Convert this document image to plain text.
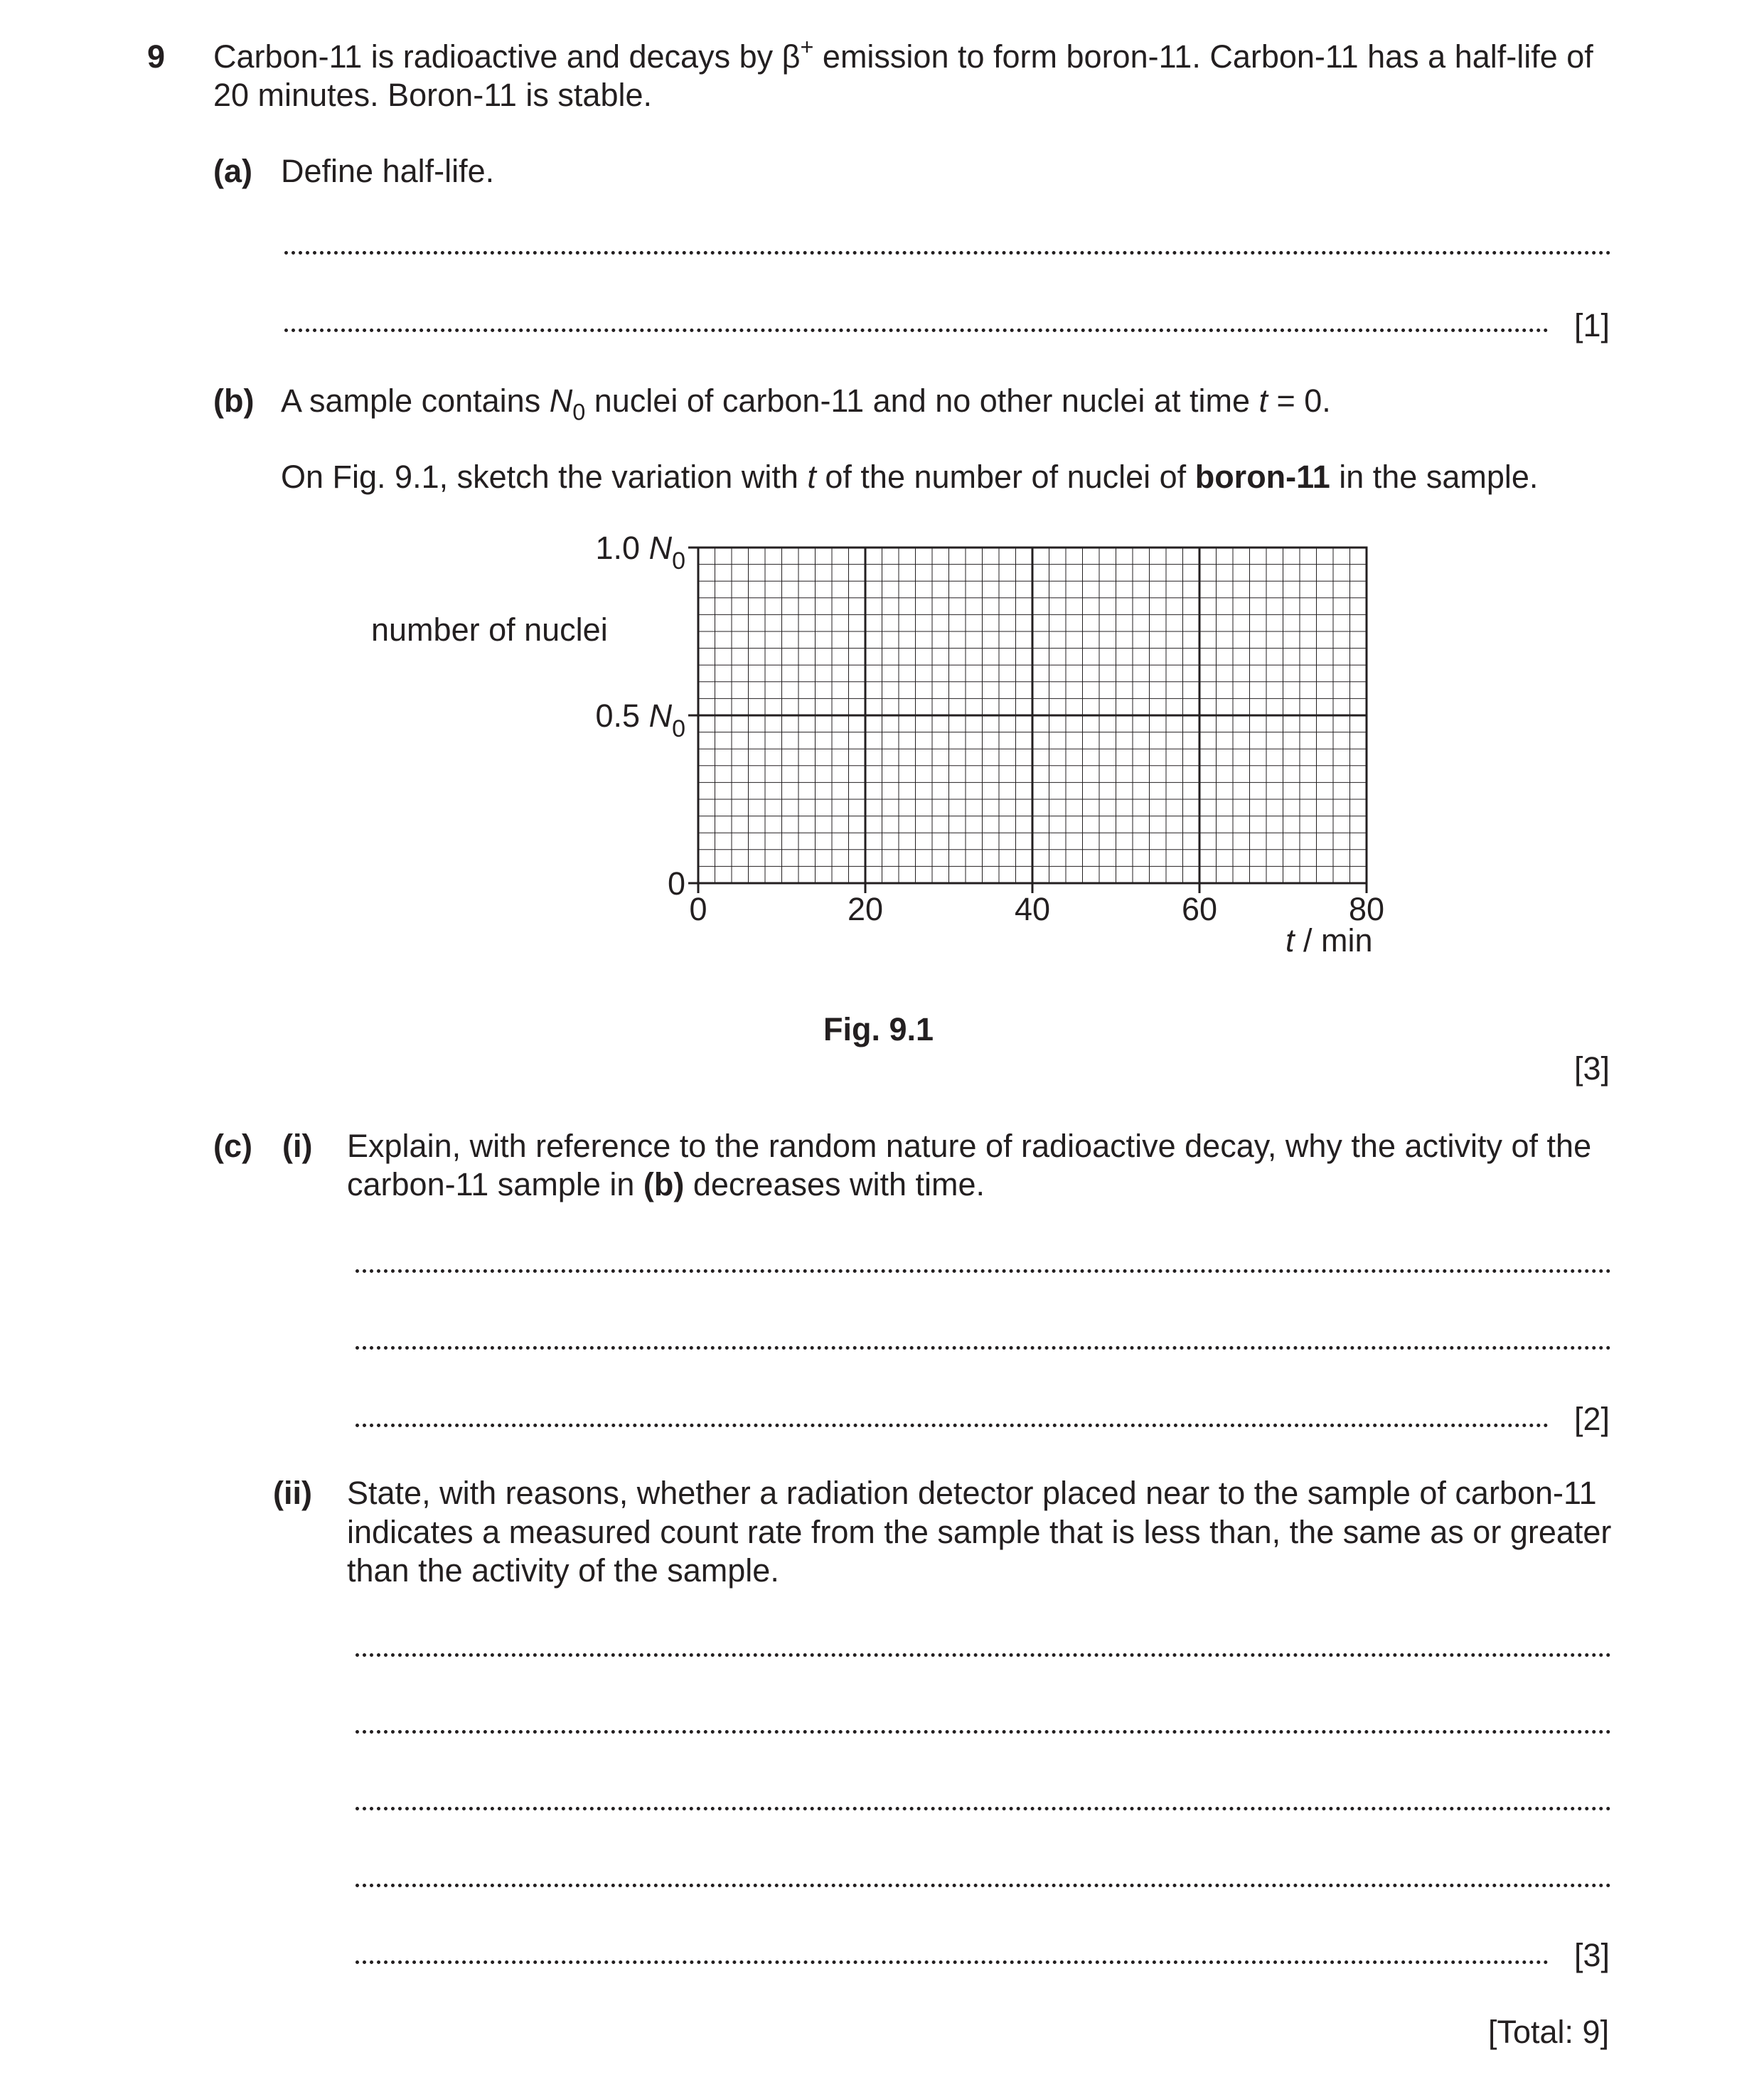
9 Carbon-11 is radioactive and decays by β+ emission to form boron-11. Carbon-11 has a half-life of
20 minutes. Boron-11 is stable.
(a) Define half-life.
[1]
(b) A sample contains $N_0$ nuclei of carbon-11 and no other nuclei at time t = 0.
On Fig. 9.1, sketch the variation with t of the number of nuclei of boron-11 in the sample.
0	20	40	60	80
t / min
0
0.5 $N_0$
1.0 $N_0$
number of nuclei
Fig. 9.1
[3]
(c) (i) Explain, with reference to the random nature of radioactive decay, why the activity of the
carbon-11 sample in (b) decreases with time.
[2]
(ii) State, with reasons, whether a radiation detector placed near to the sample of carbon-11
indicates a measured count rate from the sample that is less than, the same as or greater
than the activity of the sample.
[3]
[Total: 9]
